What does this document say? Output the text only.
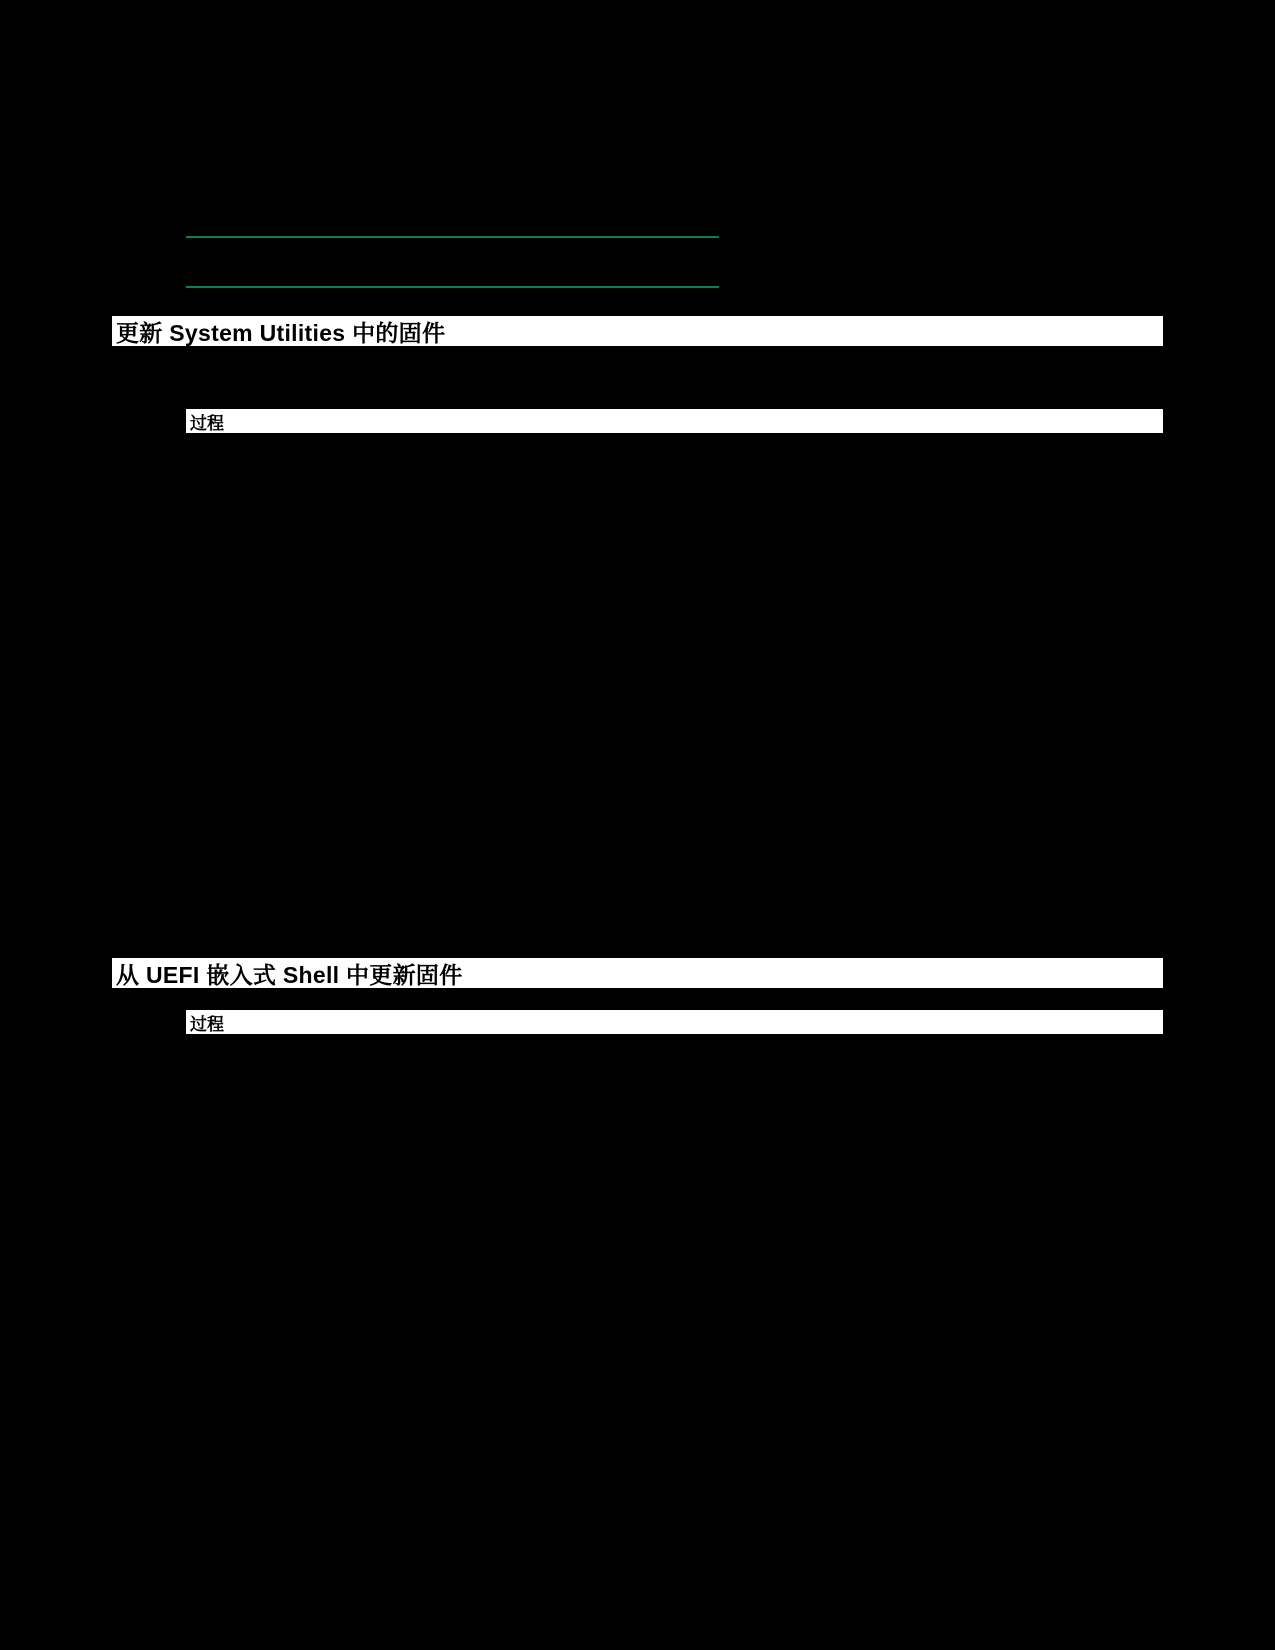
更新 System Utilities 中的固件
过程
从 UEFI 嵌入式 Shell 中更新固件
过程
